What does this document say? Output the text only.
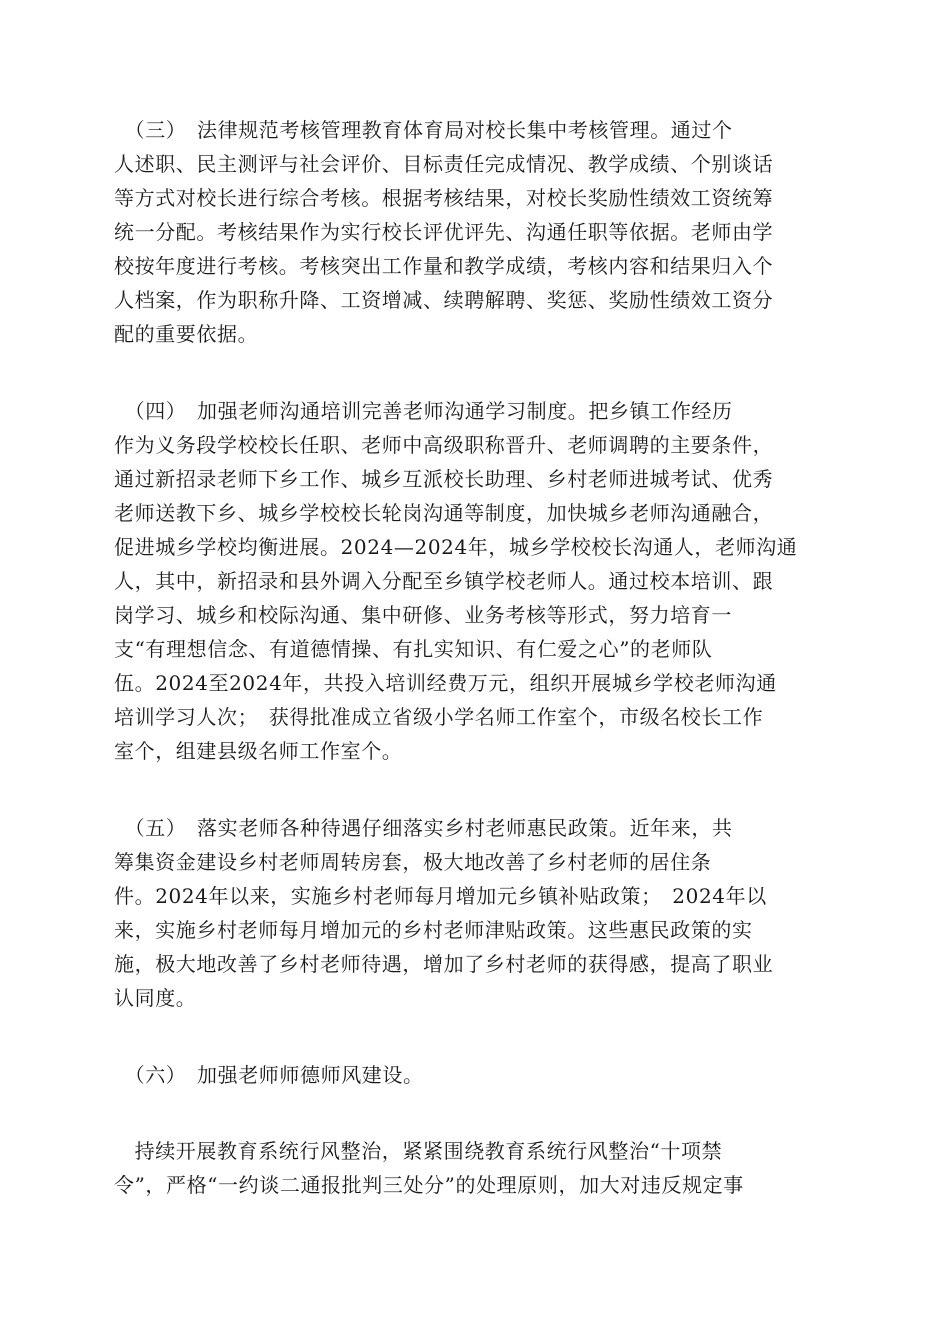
　（三）　法律规范考核管理教育体育局对校长集中考核管理。通过个
人述职、民主测评与社会评价、目标责任完成情况、教学成绩、个别谈话
等方式对校长进行综合考核。根据考核结果，对校长奖励性绩效工资统筹
统一分配。考核结果作为实行校长评优评先、沟通任职等依据。老师由学
校按年度进行考核。考核突出工作量和教学成绩，考核内容和结果归入个
人档案，作为职称升降、工资增减、续聘解聘、奖惩、奖励性绩效工资分
配的重要依据。
　（四）　加强老师沟通培训完善老师沟通学习制度。把乡镇工作经历
作为义务段学校校长任职、老师中高级职称晋升、老师调聘的主要条件，
通过新招录老师下乡工作、城乡互派校长助理、乡村老师进城考试、优秀
老师送教下乡、城乡学校校长轮岗沟通等制度，加快城乡老师沟通融合，
促进城乡学校均衡进展。2024—2024年，城乡学校校长沟通人，老师沟通
人，其中，新招录和县外调入分配至乡镇学校老师人。通过校本培训、跟
岗学习、城乡和校际沟通、集中研修、业务考核等形式，努力培育一
支“有理想信念、有道德情操、有扎实知识、有仁爱之心”的老师队
伍。2024至2024年，共投入培训经费万元，组织开展城乡学校老师沟通
培训学习人次；　获得批准成立省级小学名师工作室个，市级名校长工作
室个，组建县级名师工作室个。
　（五）　落实老师各种待遇仔细落实乡村老师惠民政策。近年来，共
筹集资金建设乡村老师周转房套，极大地改善了乡村老师的居住条
件。2024年以来，实施乡村老师每月增加元乡镇补贴政策；　2024年以
来，实施乡村老师每月增加元的乡村老师津贴政策。这些惠民政策的实
施，极大地改善了乡村老师待遇，增加了乡村老师的获得感，提高了职业
认同度。
　（六）　加强老师师德师风建设。
　持续开展教育系统行风整治，紧紧围绕教育系统行风整治“十项禁
令”，严格“一约谈二通报批判三处分”的处理原则，加大对违反规定事
